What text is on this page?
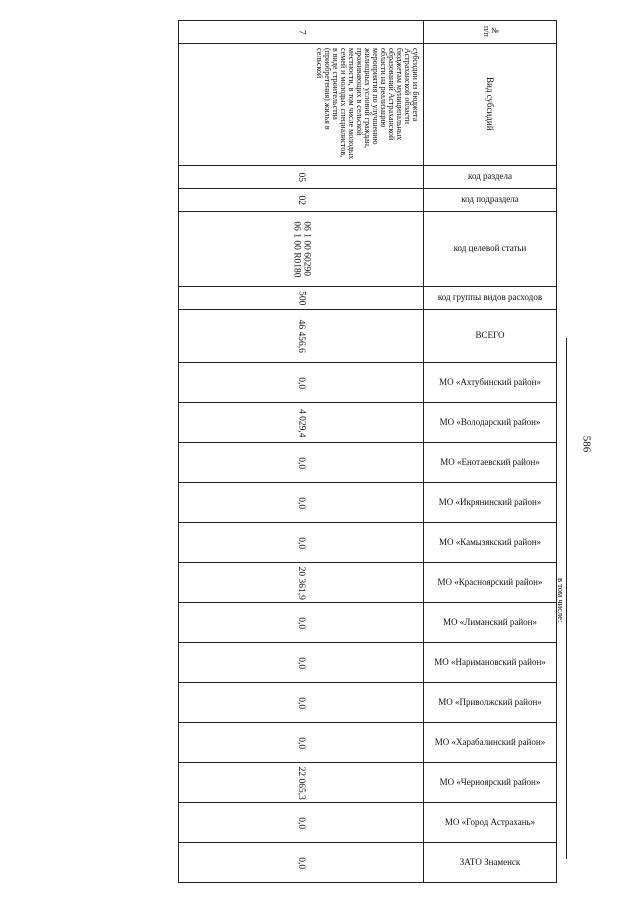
586
7	№
п/п
субсидии из бюджета Астраханской области бюджетам муниципальных образований Астраханской области на реализацию мероприятия по улучшению жилищных условий граждан, проживающих в сельской местности, в том числе молодых семей и молодых специалистов, в виде строительства (приобретения) жилья в сельской	Вид субсидий
05	код раздела
02	код подраздела
06 1 00 60290
06 1 00 R0180	код целевой статьи
500	код группы видов расходов
46 456,6	ВСЕГО
0,0	МО «Ахтубинский район»
4 029,4	МО «Володарский район»
0,0	МО «Енотаевский район»
0,0	МО «Икрянинский район»
0,0	МО «Камызякский район»
20 361,9	МО «Красноярский район»
0,0	МО «Лиманский район»
0,0	МО «Наримановский район»
0,0	МО «Приволжский район»
0,0	МО «Харабалинский район»
22 065,3	МО «Черноярский район»
0,0	МО «Город Астрахань»
0,0	ЗАТО Знаменск
в том числе:
